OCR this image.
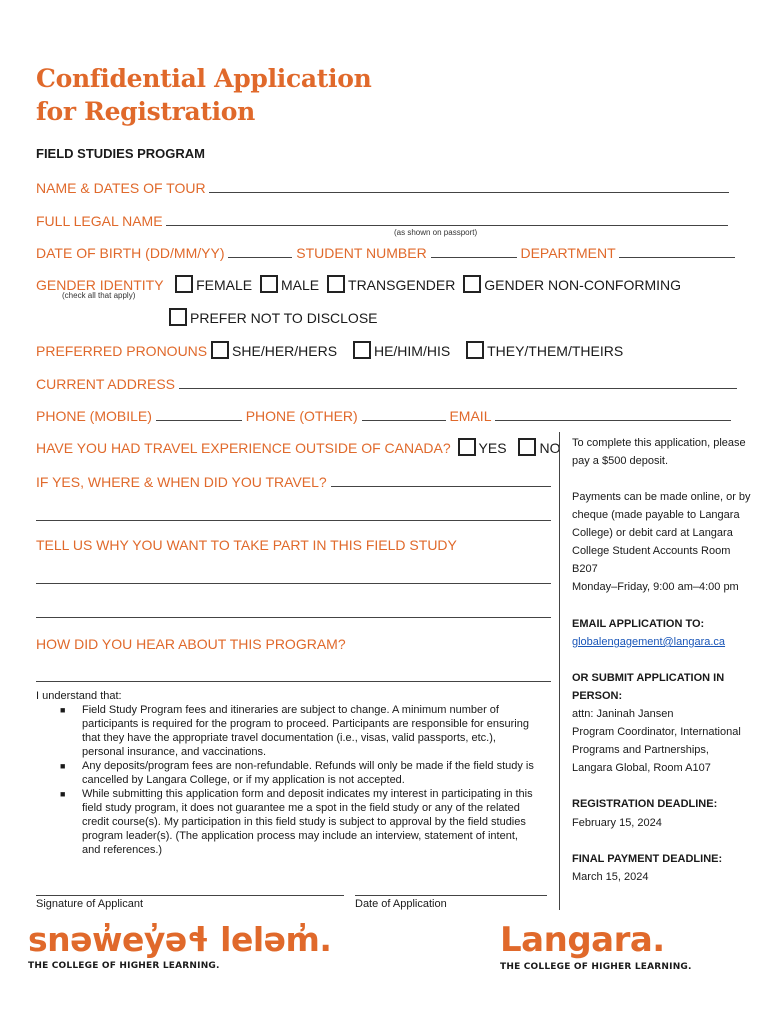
Confidential Application
for Registration
FIELD STUDIES PROGRAM
NAME & DATES OF TOUR
FULL LEGAL NAME
(as shown on passport)
DATE OF BIRTH (DD/MM/YY)	STUDENT NUMBER	DEPARTMENT
GENDER IDENTITY FEMALE MALE TRANSGENDER GENDER NON-CONFORMING
(check all that apply)
PREFER NOT TO DISCLOSE
PREFERRED PRONOUNS SHE/HER/HERS	HE/HIM/HIS	THEY/THEM/THEIRS
CURRENT ADDRESS
PHONE (MOBILE)	PHONE (OTHER)	EMAIL
HAVE YOU HAD TRAVEL EXPERIENCE OUTSIDE OF CANADA? YES NO
IF YES, WHERE & WHEN DID YOU TRAVEL?
TELL US WHY YOU WANT TO TAKE PART IN THIS FIELD STUDY
HOW DID YOU HEAR ABOUT THIS PROGRAM?
I understand that:
■ Field Study Program fees and itineraries are subject to change. A minimum number of participants is required for the program to proceed. Participants are responsible for ensuring that they have the appropriate travel documentation (i.e., visas, valid passports, etc.), personal insurance, and vaccinations.
■ Any deposits/program fees are non-refundable. Refunds will only be made if the field study is cancelled by Langara College, or if my application is not accepted.
■ While submitting this application form and deposit indicates my interest in participating in this field study program, it does not guarantee me a spot in the field study or any of the related credit course(s). My participation in this field study is subject to approval by the field studies program leader(s). (The application process may include an interview, statement of intent, and references.)
Signature of Applicant	Date of Application
To complete this application, please pay a $500 deposit.
Payments can be made online, or by cheque (made payable to Langara College) or debit card at Langara College Student Accounts Room B207
Monday–Friday, 9:00 am–4:00 pm
EMAIL APPLICATION TO:
globalengagement@langara.ca
OR SUBMIT APPLICATION IN PERSON:
attn: Janinah Jansen
Program Coordinator, International Programs and Partnerships,
Langara Global, Room A107
REGISTRATION DEADLINE:
February 15, 2024
FINAL PAYMENT DEADLINE:
March 15, 2024
snəw̓ey̓əɬ leləm̓.
THE COLLEGE OF HIGHER LEARNING.
Langara.
THE COLLEGE OF HIGHER LEARNING.
